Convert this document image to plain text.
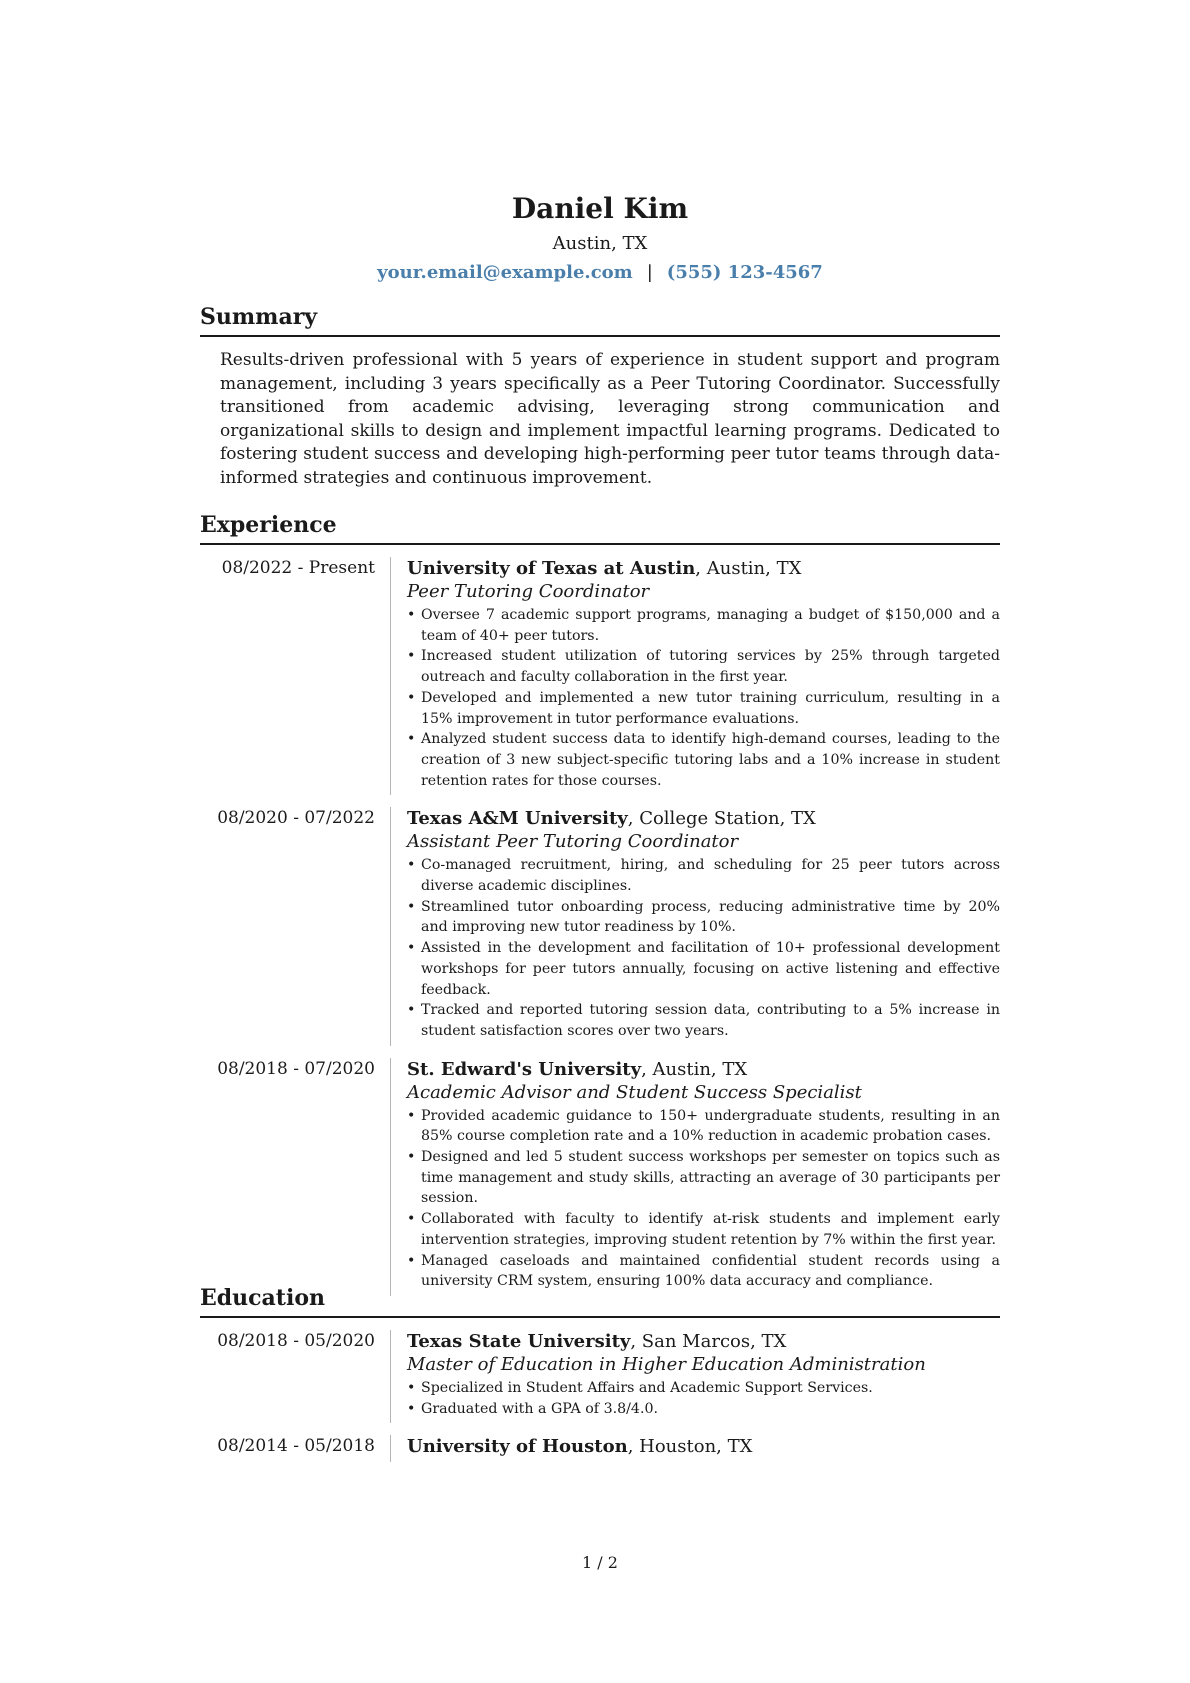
Daniel Kim
Austin, TX
your.email@example.com | (555) 123-4567
Summary
Results-driven professional with 5 years of experience in student support and program management, including 3 years specifically as a Peer Tutoring Coordinator. Successfully transitioned from academic advising, leveraging strong communication and organizational skills to design and implement impactful learning programs. Dedicated to fostering student success and developing high-performing peer tutor teams through data-informed strategies and continuous improvement.
Experience
08/2022 - Present	University of Texas at Austin, Austin, TX
Peer Tutoring Coordinator
• Oversee 7 academic support programs, managing a budget of $150,000 and a team of 40+ peer tutors.
• Increased student utilization of tutoring services by 25% through targeted outreach and faculty collaboration in the first year.
• Developed and implemented a new tutor training curriculum, resulting in a 15% improvement in tutor performance evaluations.
• Analyzed student success data to identify high-demand courses, leading to the creation of 3 new subject-specific tutoring labs and a 10% increase in student retention rates for those courses.
08/2020 - 07/2022	Texas A&M University, College Station, TX
Assistant Peer Tutoring Coordinator
• Co-managed recruitment, hiring, and scheduling for 25 peer tutors across diverse academic disciplines.
• Streamlined tutor onboarding process, reducing administrative time by 20% and improving new tutor readiness by 10%.
• Assisted in the development and facilitation of 10+ professional development workshops for peer tutors annually, focusing on active listening and effective feedback.
• Tracked and reported tutoring session data, contributing to a 5% increase in student satisfaction scores over two years.
08/2018 - 07/2020	St. Edward's University, Austin, TX
Academic Advisor and Student Success Specialist
• Provided academic guidance to 150+ undergraduate students, resulting in an 85% course completion rate and a 10% reduction in academic probation cases.
• Designed and led 5 student success workshops per semester on topics such as time management and study skills, attracting an average of 30 participants per session.
• Collaborated with faculty to identify at-risk students and implement early intervention strategies, improving student retention by 7% within the first year.
• Managed caseloads and maintained confidential student records using a university CRM system, ensuring 100% data accuracy and compliance.
Education
08/2018 - 05/2020	Texas State University, San Marcos, TX
Master of Education in Higher Education Administration
• Specialized in Student Affairs and Academic Support Services.
• Graduated with a GPA of 3.8/4.0.
08/2014 - 05/2018	University of Houston, Houston, TX
1 / 2
